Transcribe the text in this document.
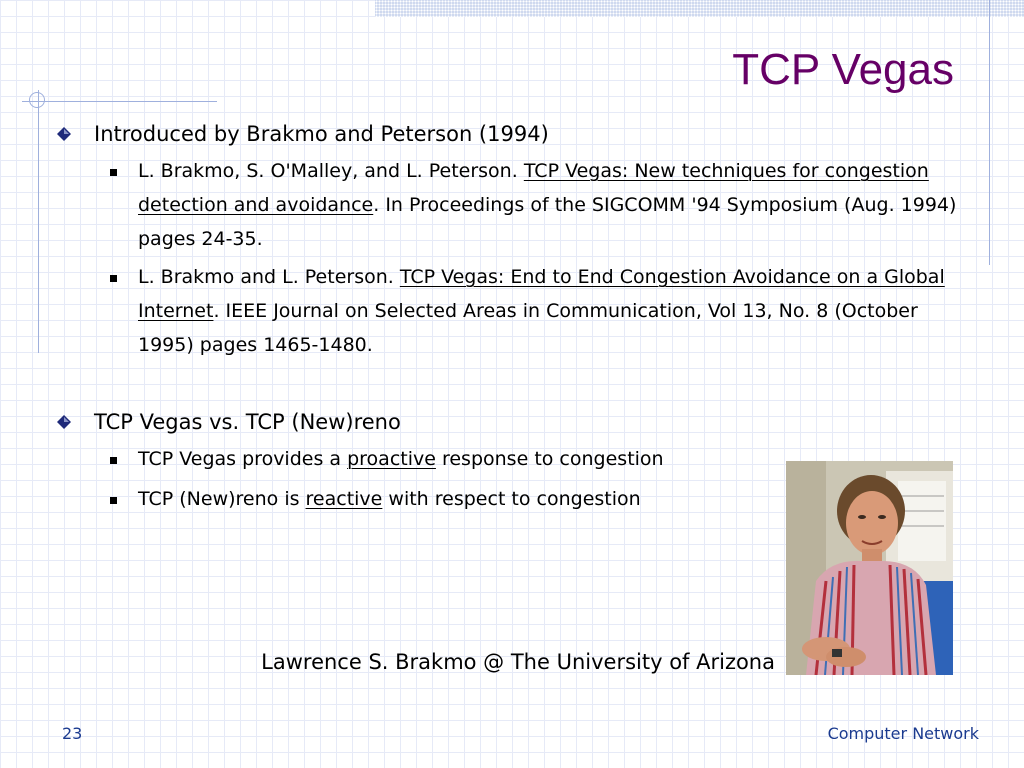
TCP Vegas

Introduced by Brakmo and Peterson (1994)

L. Brakmo, S. O'Malley, and L. Peterson. TCP Vegas: New techniques for congestion detection and avoidance. In Proceedings of the SIGCOMM '94 Symposium (Aug. 1994) pages 24-35.

L. Brakmo and L. Peterson. TCP Vegas: End to End Congestion Avoidance on a Global Internet. IEEE Journal on Selected Areas in Communication, Vol 13, No. 8 (October 1995) pages 1465-1480.

TCP Vegas vs. TCP (New)reno

TCP Vegas provides a proactive response to congestion

TCP (New)reno is reactive with respect to congestion

Lawrence S. Brakmo @ The University of Arizona
23	Computer Network
